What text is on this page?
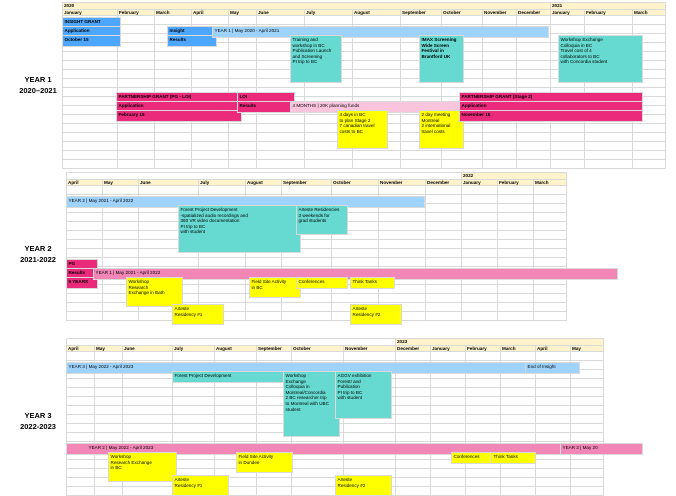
YEAR 1
2020–2021
2020												2021		
January	February	March	April	May	June	July	August	September	October	November	December	January	February	March

INSIGHT GRANT
Application
October 15
Insight
Results
YEAR 1 | May 2020 - April 2021
Training and
workshop in BC
Publication Launch
and Screening
PI trip to BC
IMAX Screening
Wide Screen
Festival in
Brantford UK
Workshop Exchange
Colloquia in BC
Travel cost of 4
collaborators to BC
with Concordia student
PARTNERSHIP GRANT (PG - LOI)
Application
February 15
LOI
Results	4 MONTHS | 20K planning funds
4 days in BC
to plan Stage 2
7 canadian travel
costs to BC
2 day meeting
Montreal
2 international
travel costs
PARTNERSHIP GRANT (Stage 2)
Application
November 15
YEAR 2
2021-2022
									2022		
April	May	June	July	August	September	October	November	December	January	February	March

YEAR 2 | May 2021 - April 2022
Forest Project Development
-spatialized audio recordings and
360 VR video documentation
PI trip to BC
with student
Arteste Residencies
3 weekends for
grad students
PG
Results
5 YEARS
YEAR 1 | May 2021 - April 2022
Workshop
Research
Exchange in Bath
Field Site Activity
in BC
Conferences	Think Tanks
Arteste
Residency #1
Arteste
Residency #2
YEAR 3
2022-2023
								2023					
April	May	June	July	August	September	October	November	December	January	February	March	April	May

YEAR 3 | May 2022 - April 2023	End of Insight
Forest Project Development	Workshop
Exchange
Colloquia in
Montreal/Concordia
2 BC researcher trip
to Montreal with UBC
student
AGGV exhibition
Forest! and
Publication
PI trip to BC
with student
YEAR 2 | May 2022 - April 2023	YEAR 3 | May 20
Workshop
Research Exchange
in BC
Field Site Activity
in Dundee
Conferences	Think Tanks
Arteste
Residency #1
Arteste
Residency #2
